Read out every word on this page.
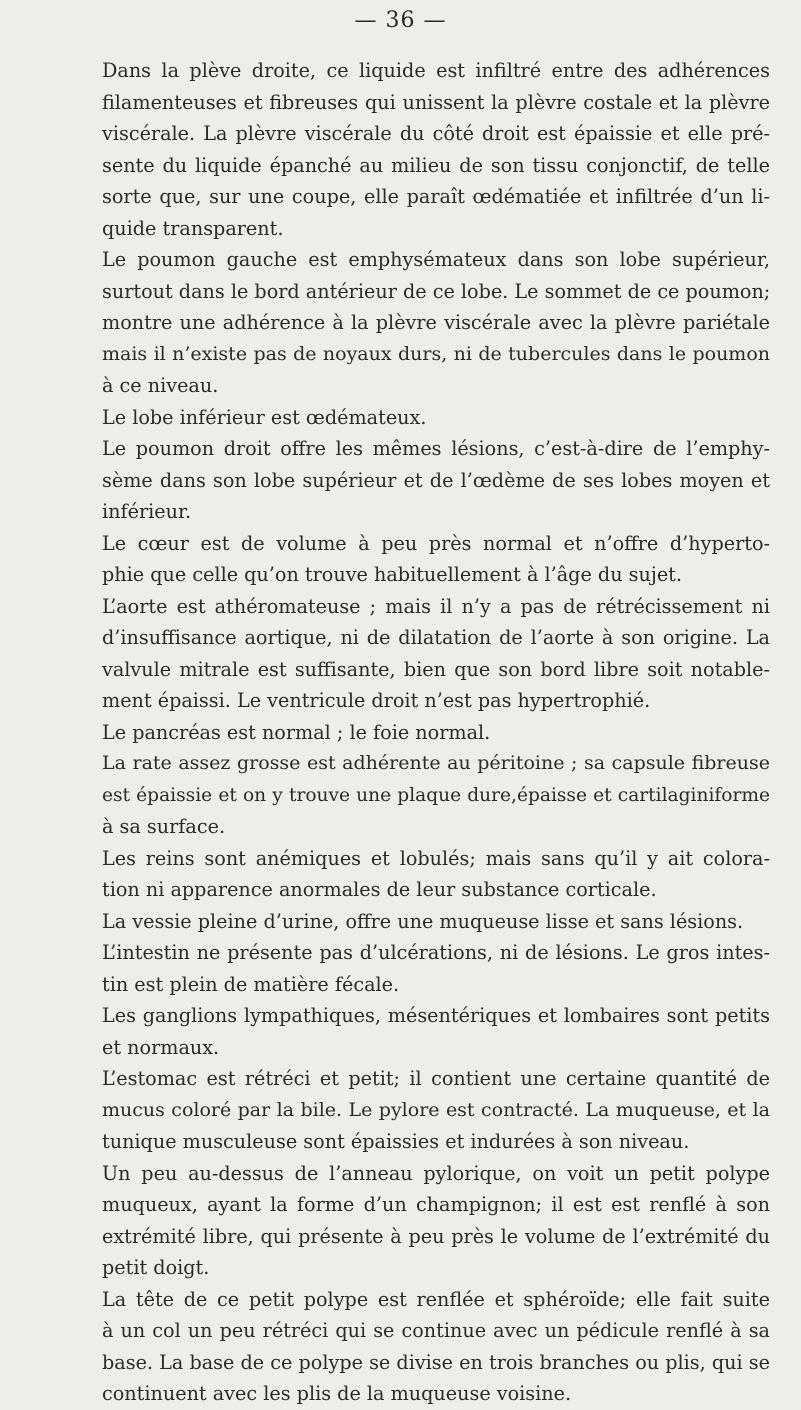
— 36 —
Dans la plève droite, ce liquide est infiltré entre des adhérences
filamenteuses et fibreuses qui unissent la plèvre costale et la plèvre
viscérale. La plèvre viscérale du côté droit est épaissie et elle pré-
sente du liquide épanché au milieu de son tissu conjonctif, de telle
sorte que, sur une coupe, elle paraît œdématiée et infiltrée d’un li-
quide transparent.
Le poumon gauche est emphysémateux dans son lobe supérieur,
surtout dans le bord antérieur de ce lobe. Le sommet de ce poumon;
montre une adhérence à la plèvre viscérale avec la plèvre pariétale
mais il n’existe pas de noyaux durs, ni de tubercules dans le poumon
à ce niveau.
Le lobe inférieur est œdémateux.
Le poumon droit offre les mêmes lésions, c’est-à-dire de l’emphy-
sème dans son lobe supérieur et de l’œdème de ses lobes moyen et
inférieur.
Le cœur est de volume à peu près normal et n’offre d’hyperto-
phie que celle qu’on trouve habituellement à l’âge du sujet.
L’aorte est athéromateuse ; mais il n’y a pas de rétrécissement ni
d’insuffisance aortique, ni de dilatation de l’aorte à son origine. La
valvule mitrale est suffisante, bien que son bord libre soit notable-
ment épaissi. Le ventricule droit n’est pas hypertrophié.
Le pancréas est normal ; le foie normal.
La rate assez grosse est adhérente au péritoine ; sa capsule fibreuse
est épaissie et on y trouve une plaque dure,épaisse et cartilaginiforme
à sa surface.
Les reins sont anémiques et lobulés; mais sans qu’il y ait colora-
tion ni apparence anormales de leur substance corticale.
La vessie pleine d’urine, offre une muqueuse lisse et sans lésions.
L’intestin ne présente pas d’ulcérations, ni de lésions. Le gros intes-
tin est plein de matière fécale.
Les ganglions lympathiques, mésentériques et lombaires sont petits
et normaux.
L’estomac est rétréci et petit; il contient une certaine quantité de
mucus coloré par la bile. Le pylore est contracté. La muqueuse, et la
tunique musculeuse sont épaissies et indurées à son niveau.
Un peu au-dessus de l’anneau pylorique, on voit un petit polype
muqueux, ayant la forme d’un champignon; il est est renflé à son
extrémité libre, qui présente à peu près le volume de l’extrémité du
petit doigt.
La tête de ce petit polype est renflée et sphéroïde; elle fait suite
à un col un peu rétréci qui se continue avec un pédicule renflé à sa
base. La base de ce polype se divise en trois branches ou plis, qui se
continuent avec les plis de la muqueuse voisine.
